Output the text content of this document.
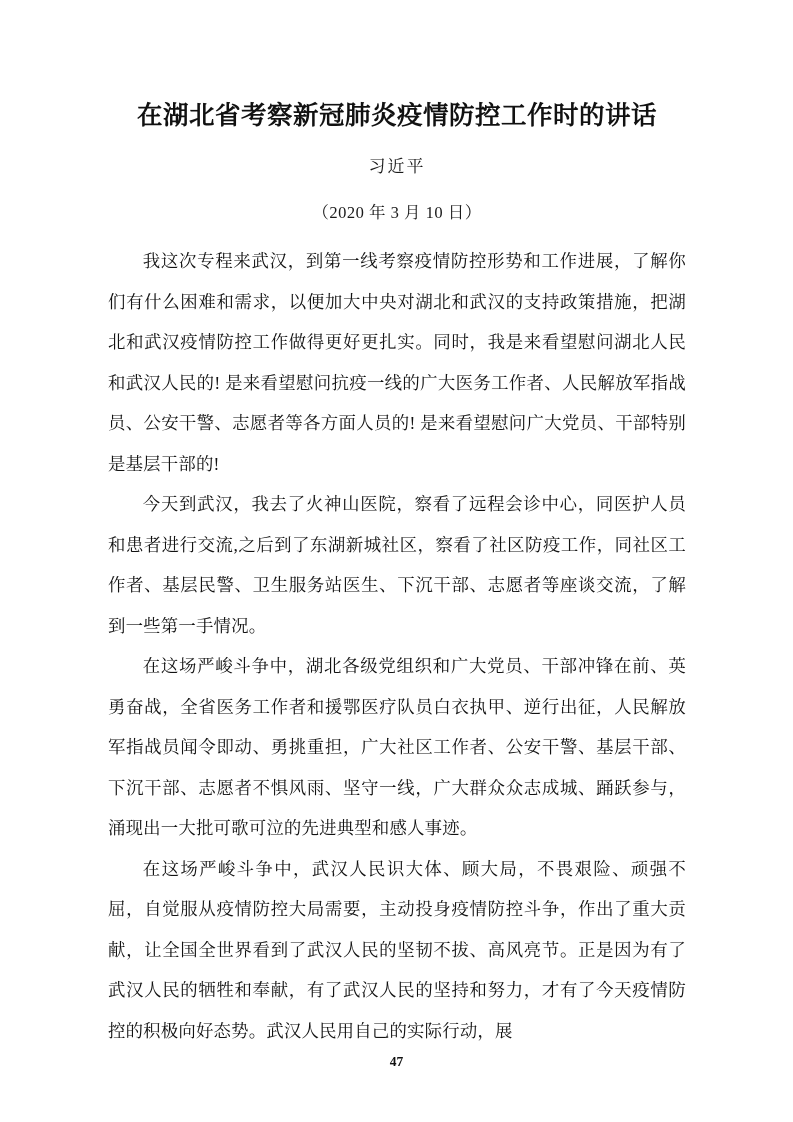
在湖北省考察新冠肺炎疫情防控工作时的讲话
习近平
（2020 年 3 月 10 日）

我这次专程来武汉，到第一线考察疫情防控形势和工作进展，了解你们有什么困难和需求，以便加大中央对湖北和武汉的支持政策措施，把湖北和武汉疫情防控工作做得更好更扎实。同时，我是来看望慰问湖北人民和武汉人民的! 是来看望慰问抗疫一线的广大医务工作者、人民解放军指战员、公安干警、志愿者等各方面人员的! 是来看望慰问广大党员、干部特别是基层干部的!

今天到武汉，我去了火神山医院，察看了远程会诊中心，同医护人员和患者进行交流,之后到了东湖新城社区，察看了社区防疫工作，同社区工作者、基层民警、卫生服务站医生、下沉干部、志愿者等座谈交流，了解到一些第一手情况。

在这场严峻斗争中，湖北各级党组织和广大党员、干部冲锋在前、英勇奋战，全省医务工作者和援鄂医疗队员白衣执甲、逆行出征，人民解放军指战员闻令即动、勇挑重担，广大社区工作者、公安干警、基层干部、下沉干部、志愿者不惧风雨、坚守一线，广大群众众志成城、踊跃参与，涌现出一大批可歌可泣的先进典型和感人事迹。

在这场严峻斗争中，武汉人民识大体、顾大局，不畏艰险、顽强不屈，自觉服从疫情防控大局需要，主动投身疫情防控斗争，作出了重大贡献，让全国全世界看到了武汉人民的坚韧不拔、高风亮节。正是因为有了武汉人民的牺牲和奉献，有了武汉人民的坚持和努力，才有了今天疫情防控的积极向好态势。武汉人民用自己的实际行动，展

47
